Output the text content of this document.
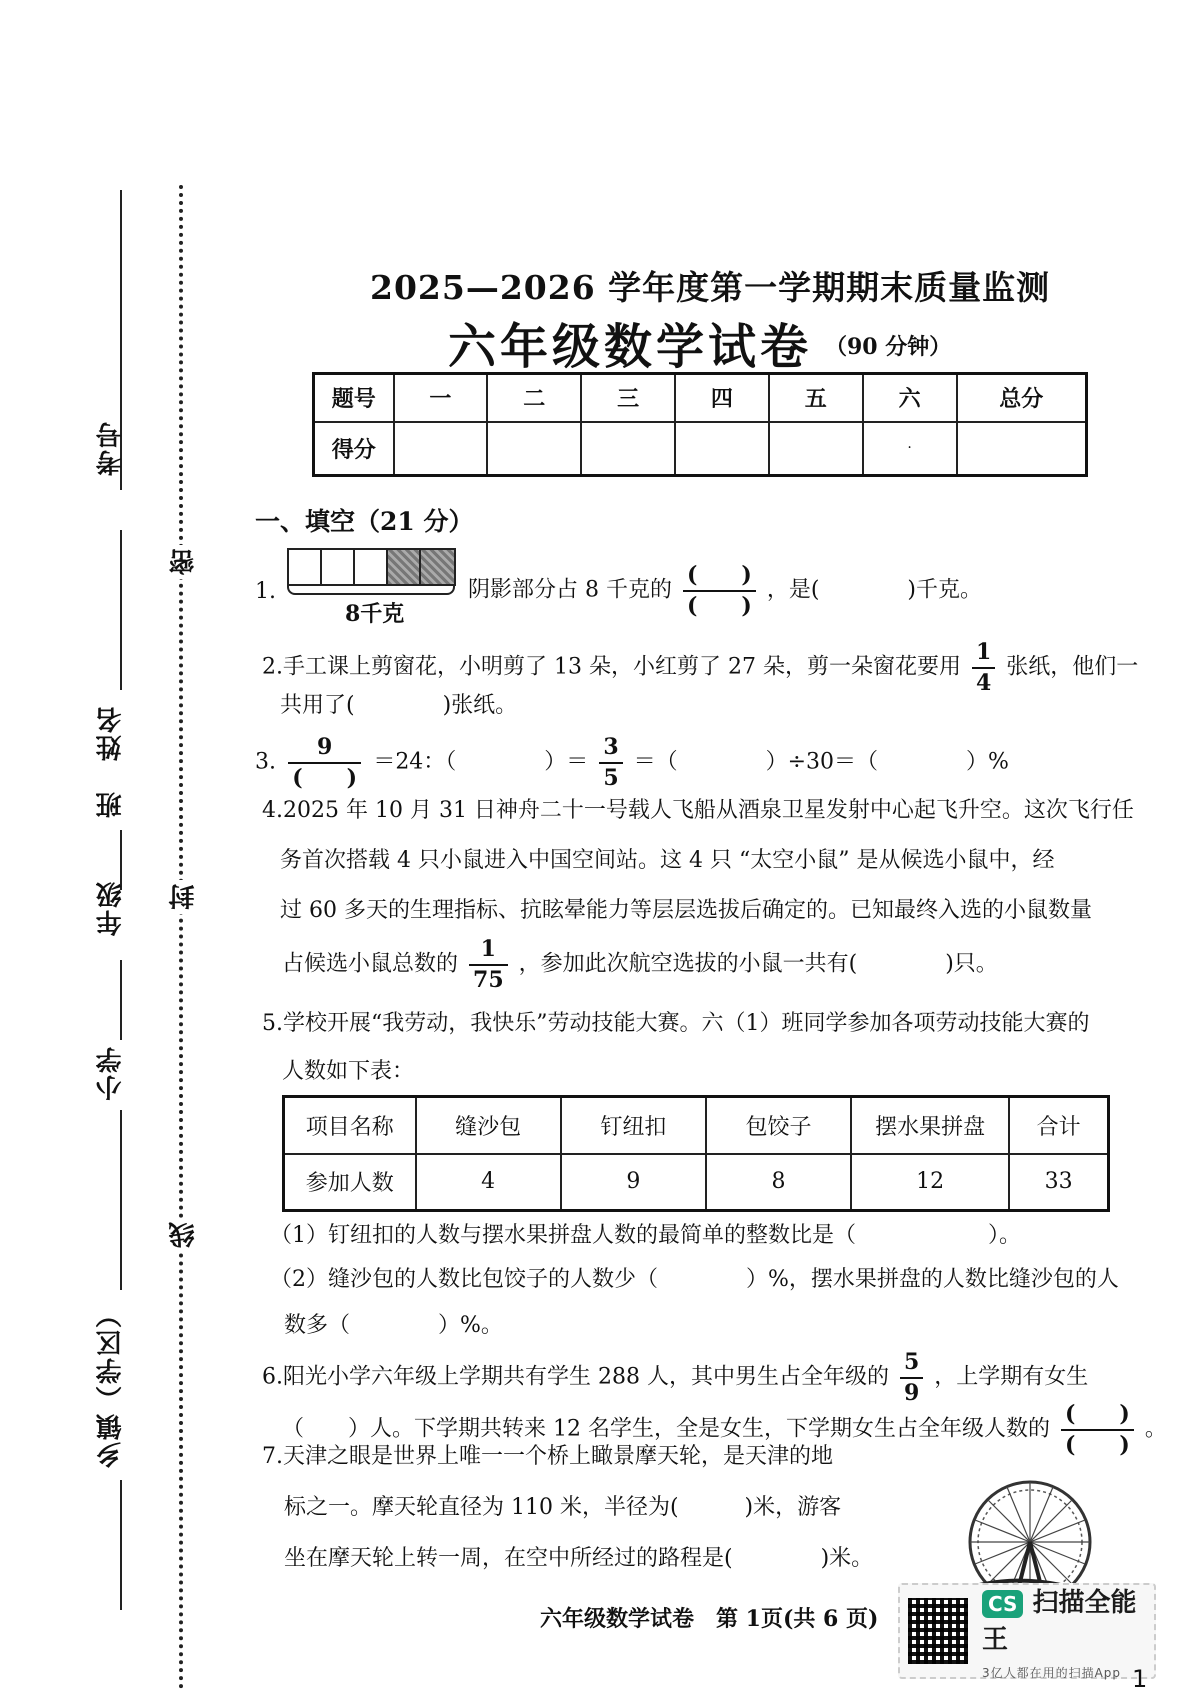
考号
姓名
班
年级
小学
乡镇（学区）
密
封
线
2025—2026 学年度第一学期期末质量监测
六年级数学试卷 （90 分钟）
题号	一	二	三	四	五	六	总分
得分						·	
一、填空（21 分）
1.
8千克
阴影部分占 8 千克的 $\frac{( )}{( )}$ ，是(　　　　)千克。
2.手工课上剪窗花，小明剪了 13 朵，小红剪了 27 朵，剪一朵窗花要用 $\frac{1}{4}$ 张纸，他们一
共用了(　　　　)张纸。
3. $\frac{9}{( )} =24$：（　　　　）＝ $\frac{3}{5}$ ＝（　　　　）÷30＝（　　　　）%
4.2025 年 10 月 31 日神舟二十一号载人飞船从酒泉卫星发射中心起飞升空。这次飞行任
务首次搭载 4 只小鼠进入中国空间站。这 4 只 “太空小鼠” 是从候选小鼠中，经
过 60 多天的生理指标、抗眩晕能力等层层选拔后确定的。已知最终入选的小鼠数量
占候选小鼠总数的 $\frac{1}{75}$ ，参加此次航空选拔的小鼠一共有(　　　　)只。
5.学校开展“我劳动，我快乐”劳动技能大赛。六（1）班同学参加各项劳动技能大赛的
人数如下表：
项目名称	缝沙包	钉纽扣	包饺子	摆水果拼盘	合计
参加人数	4	9	8	12	33
（1）钉纽扣的人数与摆水果拼盘人数的最简单的整数比是（　　　　　　）。
（2）缝沙包的人数比包饺子的人数少（　　　　）%，摆水果拼盘的人数比缝沙包的人
数多（　　　　）%。
6.阳光小学六年级上学期共有学生 288 人，其中男生占全年级的 $\frac{5}{9}$ ，上学期有女生
（　　）人。下学期共转来 12 名学生，全是女生，下学期女生占全年级人数的 $\frac{( )}{( )}$ 。
7.天津之眼是世界上唯一一个桥上瞰景摩天轮，是天津的地
标之一。摩天轮直径为 110 米，半径为(　　　)米，游客
坐在摩天轮上转一周，在空中所经过的路程是(　　　　)米。
六年级数学试卷　第 1页(共 6 页)
CS 扫描全能王
3亿人都在用的扫描App 1
